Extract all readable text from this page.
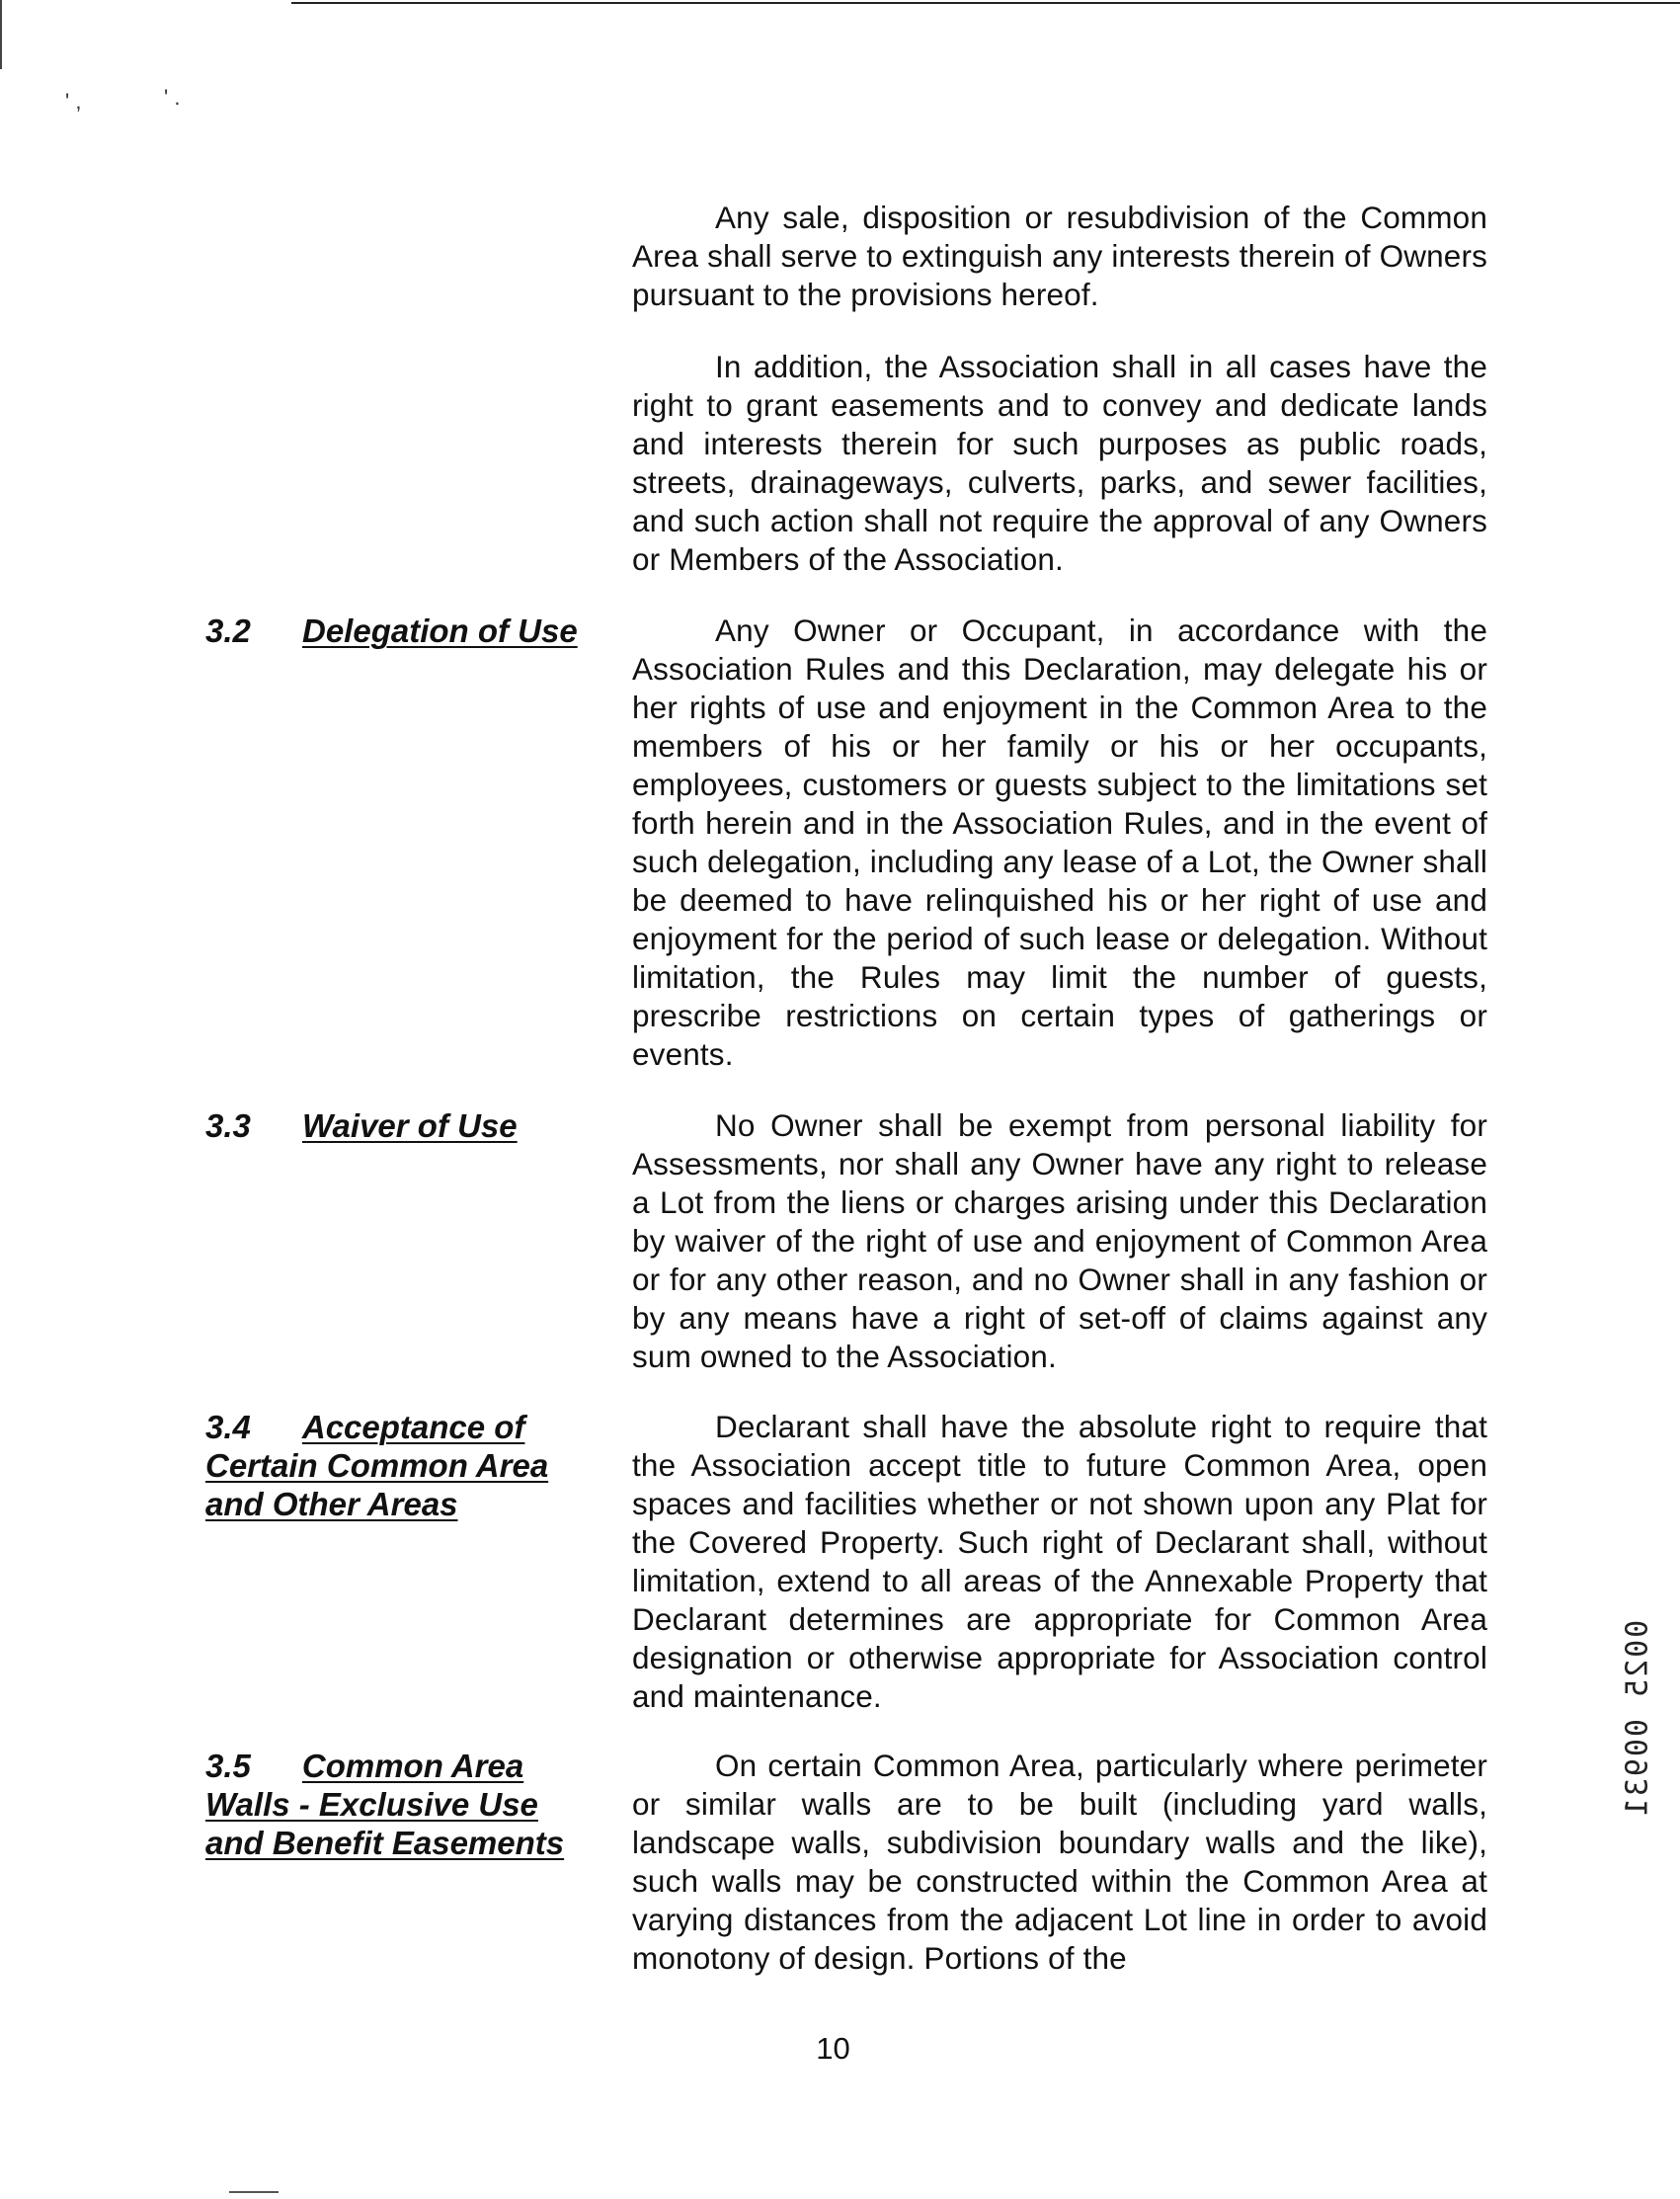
' ,	' .

Any sale, disposition or resubdivision of the Common Area shall serve to extinguish any interests therein of Owners pursuant to the provisions hereof.

In addition, the Association shall in all cases have the right to grant easements and to convey and dedicate lands and interests therein for such purposes as public roads, streets, drainageways, culverts, parks, and sewer facilities, and such action shall not require the approval of any Owners or Members of the Association.

3.2 Delegation of Use	Any Owner or Occupant, in accordance with the Association Rules and this Declaration, may delegate his or her rights of use and enjoyment in the Common Area to the members of his or her family or his or her occupants, employees, customers or guests subject to the limitations set forth herein and in the Association Rules, and in the event of such delegation, including any lease of a Lot, the Owner shall be deemed to have relinquished his or her right of use and enjoyment for the period of such lease or delegation. Without limitation, the Rules may limit the number of guests, prescribe restrictions on certain types of gatherings or events.

3.3 Waiver of Use	No Owner shall be exempt from personal liability for Assessments, nor shall any Owner have any right to release a Lot from the liens or charges arising under this Declaration by waiver of the right of use and enjoyment of Common Area or for any other reason, and no Owner shall in any fashion or by any means have a right of set-off of claims against any sum owned to the Association.

3.4 Acceptance of
Certain Common Area
and Other Areas

Declarant shall have the absolute right to require that the Association accept title to future Common Area, open spaces and facilities whether or not shown upon any Plat for the Covered Property. Such right of Declarant shall, without limitation, extend to all areas of the Annexable Property that Declarant determines are appropriate for Common Area designation or otherwise appropriate for Association control and maintenance.

3.5 Common Area
Walls - Exclusive Use
and Benefit Easements

On certain Common Area, particularly where perimeter or similar walls are to be built (including yard walls, landscape walls, subdivision boundary walls and the like), such walls may be constructed within the Common Area at varying distances from the adjacent Lot line in order to avoid monotony of design. Portions of the

0025 00931
10
